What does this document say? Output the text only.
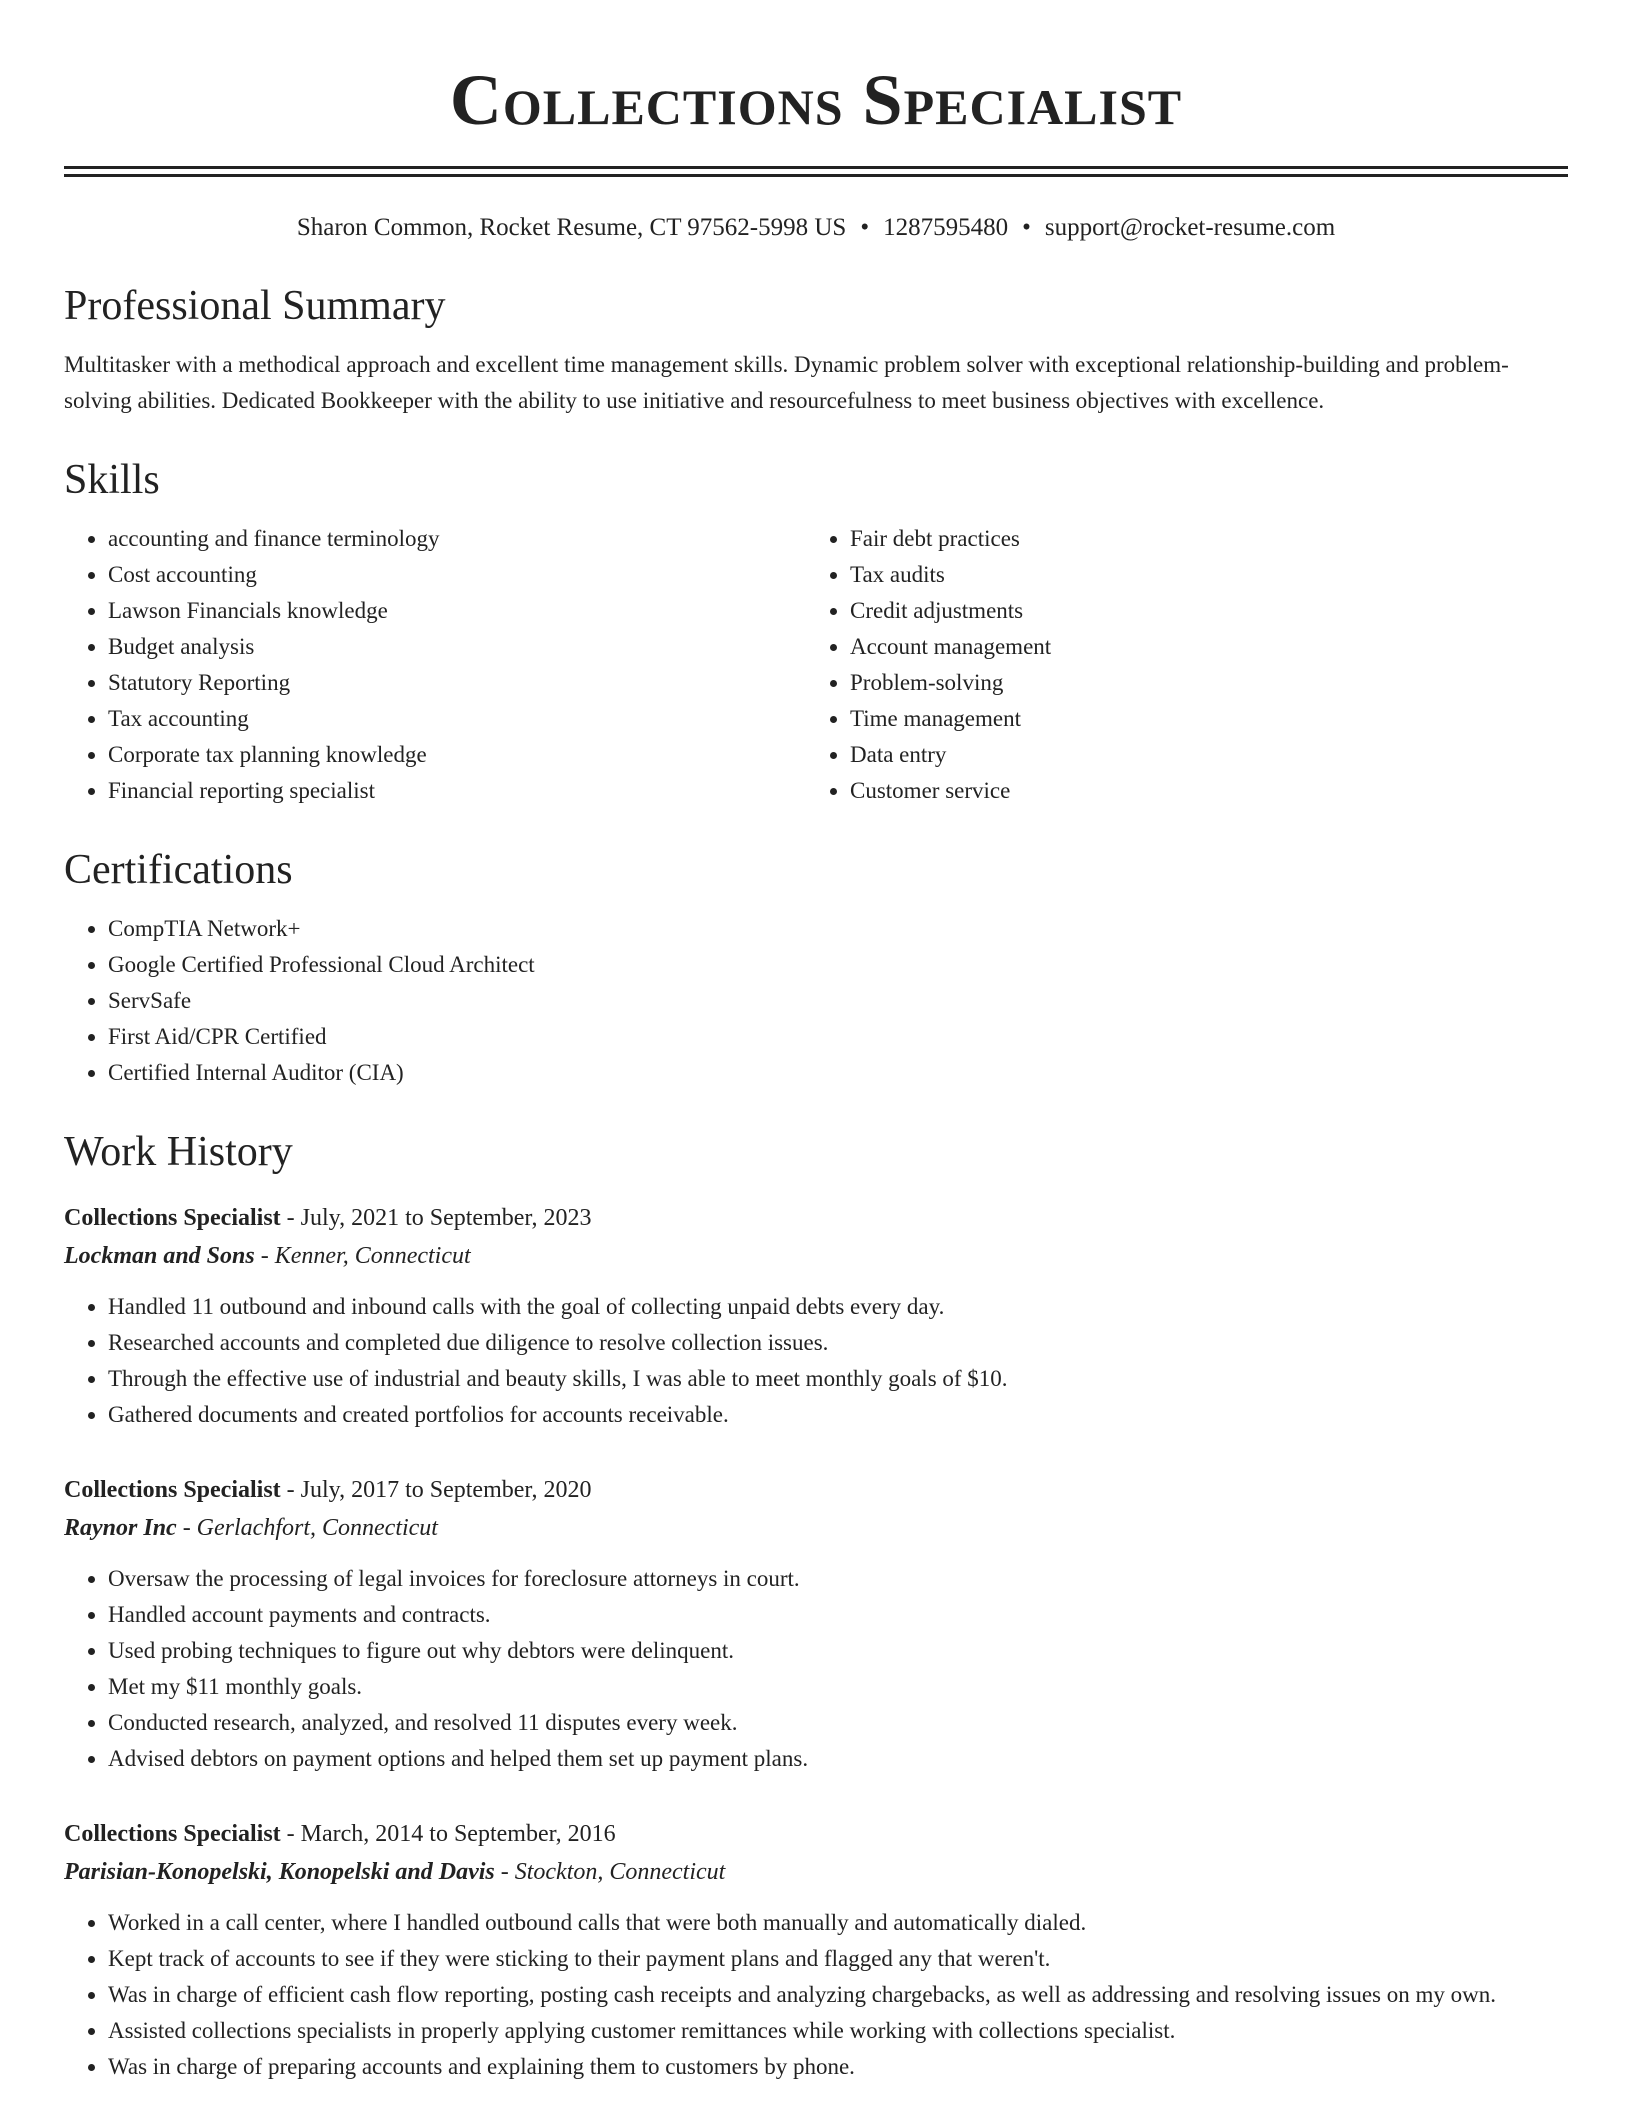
Collections Specialist
Sharon Common, Rocket Resume, CT 97562-5998 US • 1287595480 • support@rocket-resume.com
Professional Summary
Multitasker with a methodical approach and excellent time management skills. Dynamic problem solver with exceptional relationship-building and problem-solving abilities. Dedicated Bookkeeper with the ability to use initiative and resourcefulness to meet business objectives with excellence.
Skills
• accounting and finance terminology
• Cost accounting
• Lawson Financials knowledge
• Budget analysis
• Statutory Reporting
• Tax accounting
• Corporate tax planning knowledge
• Financial reporting specialist
• Fair debt practices
• Tax audits
• Credit adjustments
• Account management
• Problem-solving
• Time management
• Data entry
• Customer service
Certifications
• CompTIA Network+
• Google Certified Professional Cloud Architect
• ServSafe
• First Aid/CPR Certified
• Certified Internal Auditor (CIA)
Work History
Collections Specialist - July, 2021 to September, 2023
Lockman and Sons - Kenner, Connecticut
• Handled 11 outbound and inbound calls with the goal of collecting unpaid debts every day.
• Researched accounts and completed due diligence to resolve collection issues.
• Through the effective use of industrial and beauty skills, I was able to meet monthly goals of $10.
• Gathered documents and created portfolios for accounts receivable.
Collections Specialist - July, 2017 to September, 2020
Raynor Inc - Gerlachfort, Connecticut
• Oversaw the processing of legal invoices for foreclosure attorneys in court.
• Handled account payments and contracts.
• Used probing techniques to figure out why debtors were delinquent.
• Met my $11 monthly goals.
• Conducted research, analyzed, and resolved 11 disputes every week.
• Advised debtors on payment options and helped them set up payment plans.
Collections Specialist - March, 2014 to September, 2016
Parisian-Konopelski, Konopelski and Davis - Stockton, Connecticut
• Worked in a call center, where I handled outbound calls that were both manually and automatically dialed.
• Kept track of accounts to see if they were sticking to their payment plans and flagged any that weren't.
• Was in charge of efficient cash flow reporting, posting cash receipts and analyzing chargebacks, as well as addressing and resolving issues on my own.
• Assisted collections specialists in properly applying customer remittances while working with collections specialist.
• Was in charge of preparing accounts and explaining them to customers by phone.
